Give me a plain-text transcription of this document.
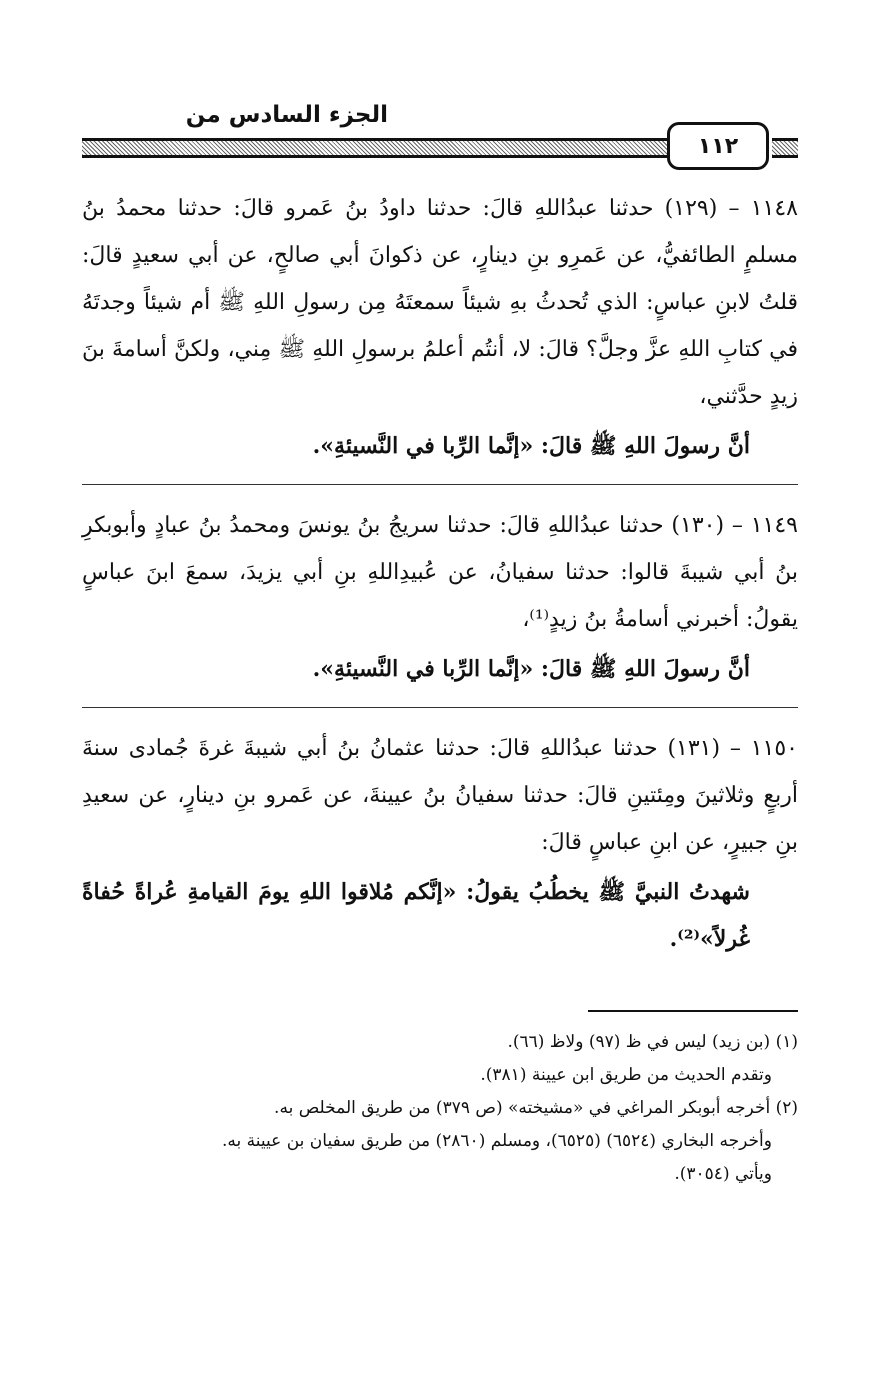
١١٢
الجزء السادس من

١١٤٨ – (١٢٩) حدثنا عبدُاللهِ قالَ: حدثنا داودُ بنُ عَمرو قالَ: حدثنا محمدُ بنُ مسلمٍ الطائفيُّ، عن عَمرِو بنِ دينارٍ، عن ذكوانَ أبي صالحٍ، عن أبي سعيدٍ قالَ: قلتُ لابنِ عباسٍ: الذي تُحدثُ بهِ شيئاً سمعتَهُ مِن رسولِ اللهِ ﷺ أم شيئاً وجدتَهُ في كتابِ اللهِ عزَّ وجلَّ؟ قالَ: لا، أنتُم أعلمُ برسولِ اللهِ ﷺ مِني، ولكنَّ أسامةَ بنَ زيدٍ حدَّثني،

أنَّ رسولَ اللهِ ﷺ قالَ: «إنَّما الرِّبا في النَّسيئةِ».

١١٤٩ – (١٣٠) حدثنا عبدُاللهِ قالَ: حدثنا سريجُ بنُ يونسَ ومحمدُ بنُ عبادٍ وأبوبكرِ بنُ أبي شيبةَ قالوا: حدثنا سفيانُ، عن عُبيدِاللهِ بنِ أبي يزيدَ، سمعَ ابنَ عباسٍ يقولُ: أخبرني أسامةُ بنُ زيدٍ⁽¹⁾،

أنَّ رسولَ اللهِ ﷺ قالَ: «إنَّما الرِّبا في النَّسيئةِ».

١١٥٠ – (١٣١) حدثنا عبدُاللهِ قالَ: حدثنا عثمانُ بنُ أبي شيبةَ غرةَ جُمادى سنةَ أربعٍ وثلاثينَ ومِئتينِ قالَ: حدثنا سفيانُ بنُ عيينةَ، عن عَمرو بنِ دينارٍ، عن سعيدِ بنِ جبيرٍ، عن ابنِ عباسٍ قالَ:

شهدتُ النبيَّ ﷺ يخطُبُ يقولُ: «إنَّكم مُلاقوا اللهِ يومَ القيامةِ عُراةً حُفاةً غُرلاً»⁽²⁾.

(١) (بن زيد) ليس في ظ (٩٧) ولاظ (٦٦).

وتقدم الحديث من طريق ابن عيينة (٣٨١).

(٢) أخرجه أبوبكر المراغي في «مشيخته» (ص ٣٧٩) من طريق المخلص به.

وأخرجه البخاري (٦٥٢٤) (٦٥٢٥)، ومسلم (٢٨٦٠) من طريق سفيان بن عيينة به.

ويأتي (٣٠٥٤).
